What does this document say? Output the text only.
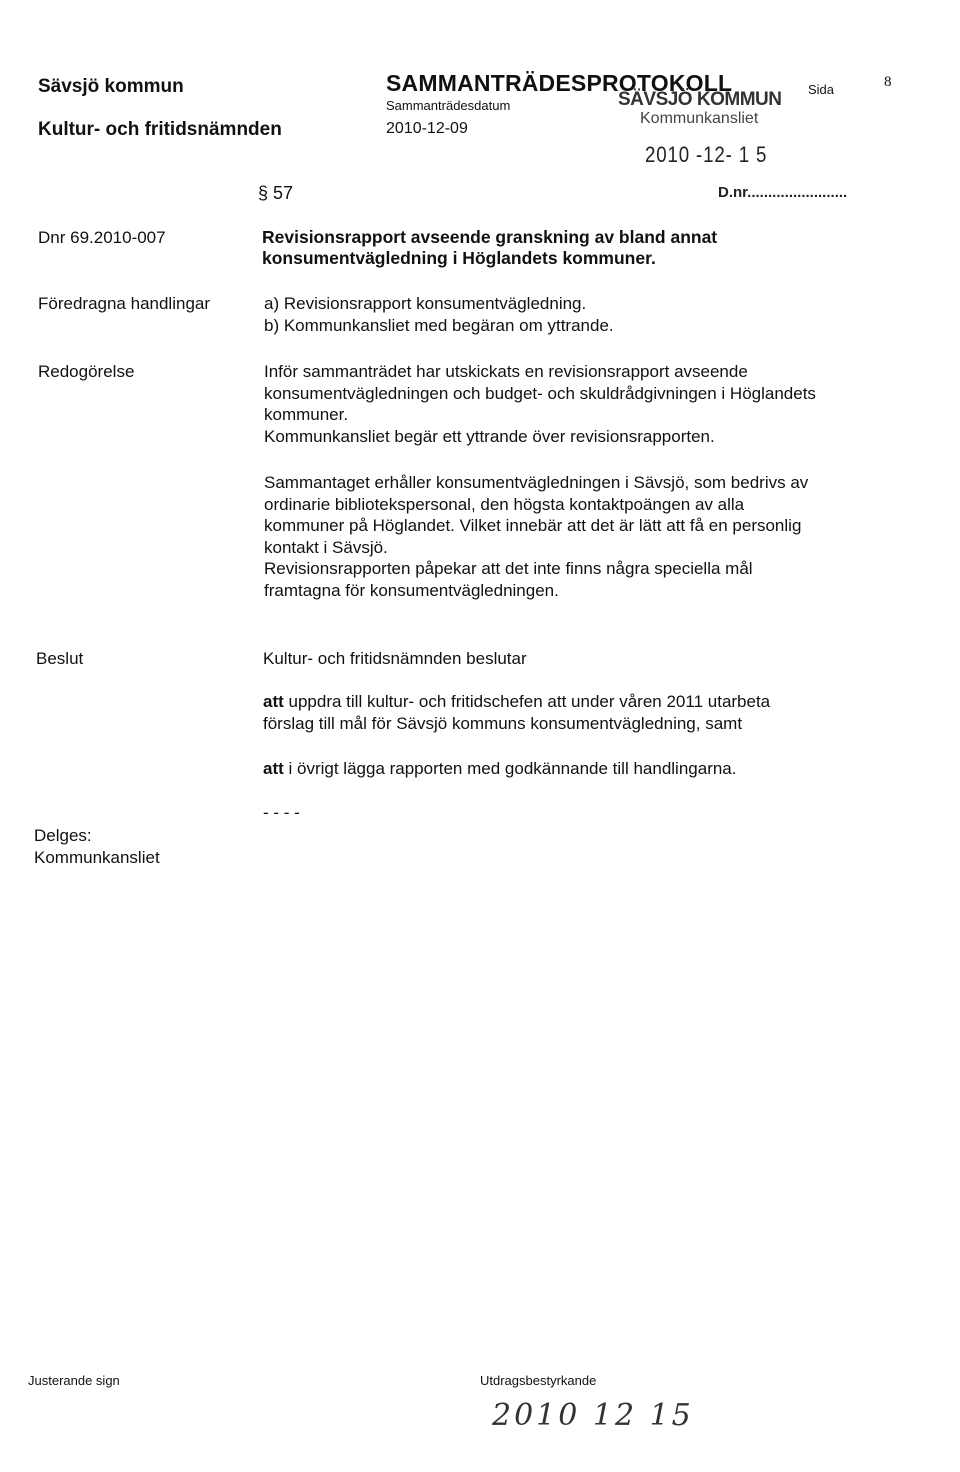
Sävsjö kommun
Kultur- och fritidsnämnden
SAMMANTRÄDESPROTOKOLL
Sammanträdesdatum
2010-12-09
Sida	8
SÄVSJÖ KOMMUN
Kommunkansliet
2010 -12- 1 5
D.nr........................
§ 57
Dnr 69.2010-007	Revisionsrapport avseende granskning av bland annat
konsumentvägledning i Höglandets kommuner.
Föredragna handlingar	a) Revisionsrapport konsumentvägledning.
b) Kommunkansliet med begäran om yttrande.
Redogörelse	Inför sammanträdet har utskickats en revisionsrapport avseende
konsumentvägledningen och budget- och skuldrådgivningen i Höglandets
kommuner.
Kommunkansliet begär ett yttrande över revisionsrapporten.
Sammantaget erhåller konsumentvägledningen i Sävsjö, som bedrivs av
ordinarie bibliotekspersonal, den högsta kontaktpoängen av alla
kommuner på Höglandet. Vilket innebär att det är lätt att få en personlig
kontakt i Sävsjö.
Revisionsrapporten påpekar att det inte finns några speciella mål
framtagna för konsumentvägledningen.
Beslut	Kultur- och fritidsnämnden beslutar
att uppdra till kultur- och fritidschefen att under våren 2011 utarbeta
förslag till mål för Sävsjö kommuns konsumentvägledning, samt
att i övrigt lägga rapporten med godkännande till handlingarna.
- - - -
Delges:
Kommunkansliet
Justerande sign	Utdragsbestyrkande
2010 12 15
